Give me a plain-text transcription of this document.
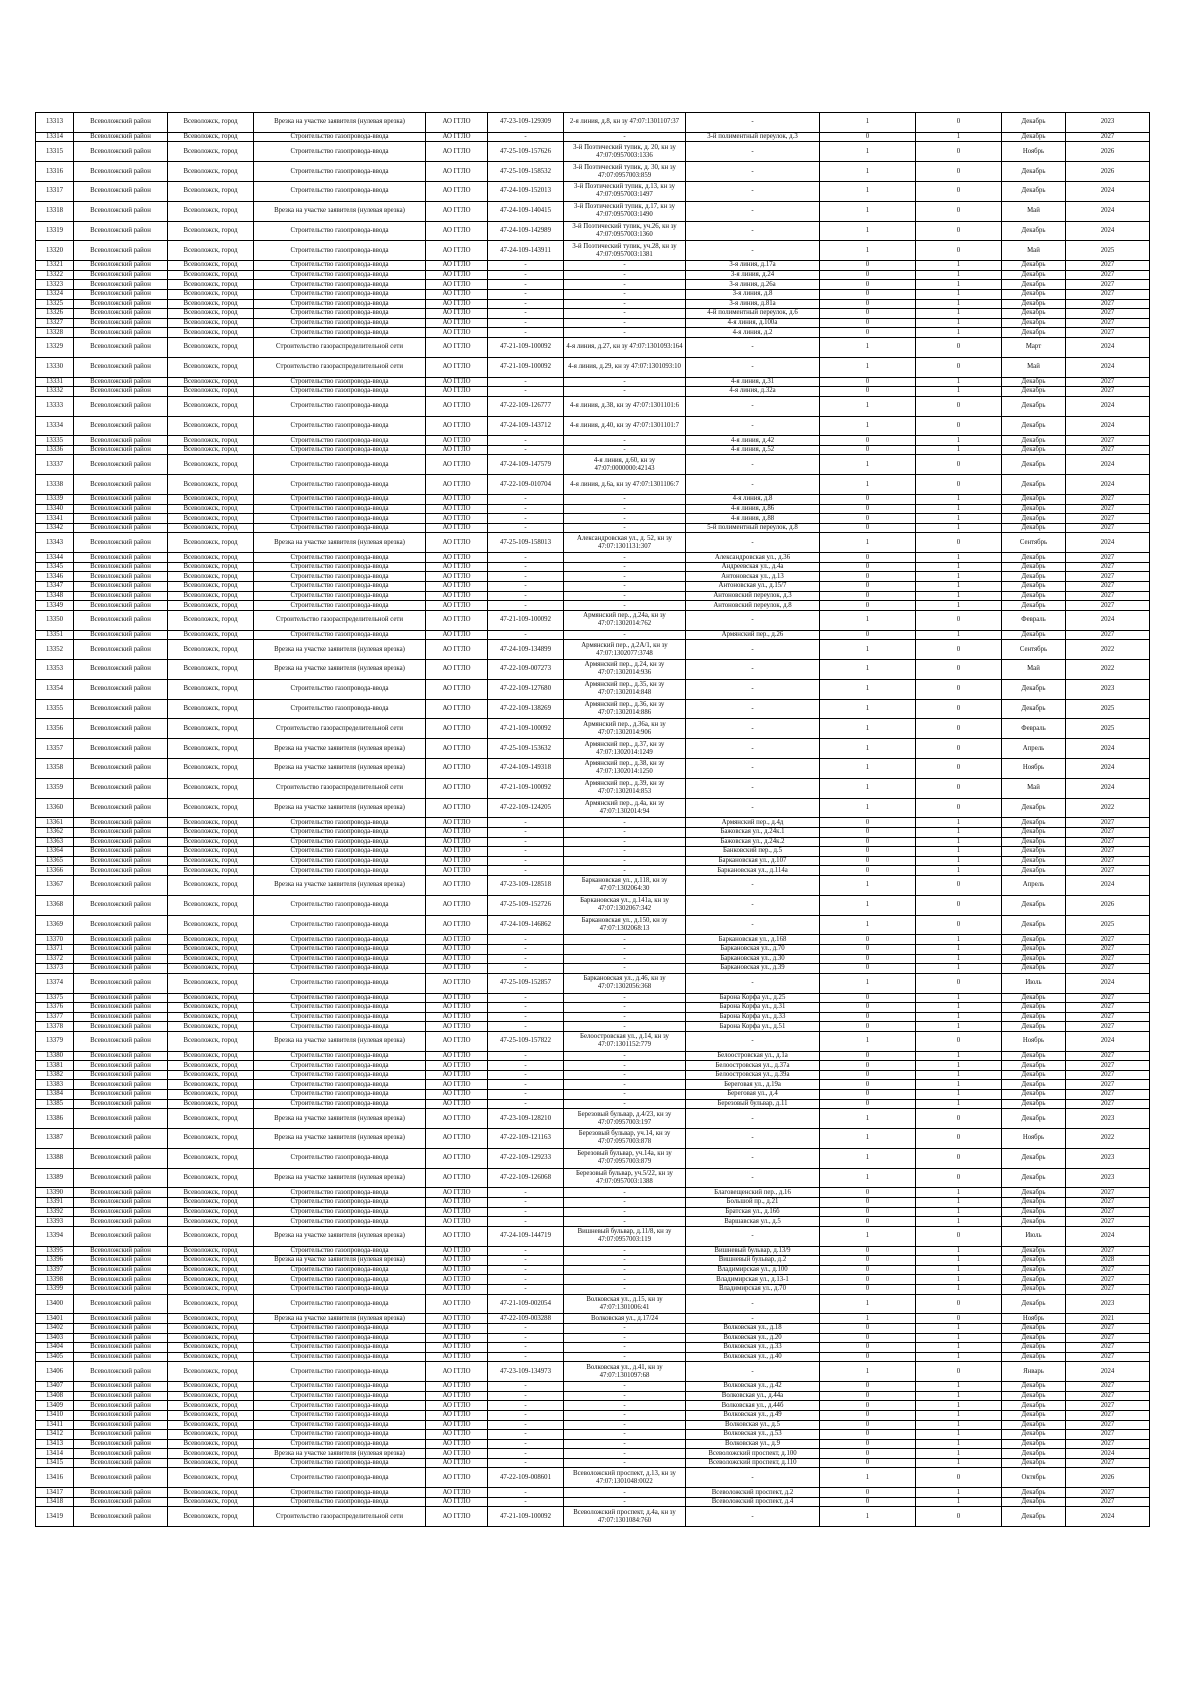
13313	Всеволожский район	Всеволожск, город	Врезка на участке заявителя (нулевая врезка)	АО ГГЛО	47-23-109-129309	2-я линия, д.8, кн зу 47:07:1301107:37	-	1	0	Декабрь	2023
13314	Всеволожский район	Всеволожск, город	Строительство газопровода-ввода	АО ГГЛО	-	-	3-й полиментный переулок, д.3	0	1	Декабрь	2027
13315	Всеволожский район	Всеволожск, город	Строительство газопровода-ввода	АО ГГЛО	47-25-109-157626	3-й Поэтический тупик, д. 20, кн зу 47:07:0957003:1336	-	1	0	Ноябрь	2026
13316	Всеволожский район	Всеволожск, город	Строительство газопровода-ввода	АО ГГЛО	47-25-109-158532	3-й Поэтический тупик, д. 30, кн зу 47:07:0957003:859	-	1	0	Декабрь	2026
13317	Всеволожский район	Всеволожск, город	Строительство газопровода-ввода	АО ГГЛО	47-24-109-152013	3-й Поэтический тупик, д.13, кн зу 47:07:0957003:1497	-	1	0	Декабрь	2024
13318	Всеволожский район	Всеволожск, город	Врезка на участке заявителя (нулевая врезка)	АО ГГЛО	47-24-109-140415	3-й Поэтический тупик, д.17, кн зу 47:07:0957003:1490	-	1	0	Май	2024
13319	Всеволожский район	Всеволожск, город	Строительство газопровода-ввода	АО ГГЛО	47-24-109-142989	3-й Поэтический тупик, уч.26, кн зу 47:07:0957003:1360	-	1	0	Декабрь	2024
13320	Всеволожский район	Всеволожск, город	Строительство газопровода-ввода	АО ГГЛО	47-24-109-143911	3-й Поэтический тупик, уч.28, кн зу 47:07:0957003:1381	-	1	0	Май	2025
13321	Всеволожский район	Всеволожск, город	Строительство газопровода-ввода	АО ГГЛО	-	-	3-я линия, д.17а	0	1	Декабрь	2027
13322	Всеволожский район	Всеволожск, город	Строительство газопровода-ввода	АО ГГЛО	-	-	3-я линия, д.24	0	1	Декабрь	2027
13323	Всеволожский район	Всеволожск, город	Строительство газопровода-ввода	АО ГГЛО	-	-	3-я линия, д.26а	0	1	Декабрь	2027
13324	Всеволожский район	Всеволожск, город	Строительство газопровода-ввода	АО ГГЛО	-	-	3-я линия, д.8	0	1	Декабрь	2027
13325	Всеволожский район	Всеволожск, город	Строительство газопровода-ввода	АО ГГЛО	-	-	3-я линия, д.81а	0	1	Декабрь	2027
13326	Всеволожский район	Всеволожск, город	Строительство газопровода-ввода	АО ГГЛО	-	-	4-й полиментный переулок, д.6	0	1	Декабрь	2027
13327	Всеволожский район	Всеволожск, город	Строительство газопровода-ввода	АО ГГЛО	-	-	4-я линия, д.100а	0	1	Декабрь	2027
13328	Всеволожский район	Всеволожск, город	Строительство газопровода-ввода	АО ГГЛО	-	-	4-я линия, д.2	0	1	Декабрь	2027
13329	Всеволожский район	Всеволожск, город	Строительство газораспределительной сети	АО ГГЛО	47-21-109-100092	4-я линия, д.27, кн зу 47:07:1301093:164	-	1	0	Март	2024
13330	Всеволожский район	Всеволожск, город	Строительство газораспределительной сети	АО ГГЛО	47-21-109-100092	4-я линия, д.29, кн зу 47:07:1301093:10	-	1	0	Май	2024
13331	Всеволожский район	Всеволожск, город	Строительство газопровода-ввода	АО ГГЛО	-	-	4-я линия, д.31	0	1	Декабрь	2027
13332	Всеволожский район	Всеволожск, город	Строительство газопровода-ввода	АО ГГЛО	-	-	4-я линия, д.32а	0	1	Декабрь	2027
13333	Всеволожский район	Всеволожск, город	Строительство газопровода-ввода	АО ГГЛО	47-22-109-126777	4-я линия, д.38, кн зу 47:07:1301101:6	-	1	0	Декабрь	2024
13334	Всеволожский район	Всеволожск, город	Строительство газопровода-ввода	АО ГГЛО	47-24-109-143712	4-я линия, д.40, кн зу 47:07:1301101:7	-	1	0	Декабрь	2024
13335	Всеволожский район	Всеволожск, город	Строительство газопровода-ввода	АО ГГЛО	-	-	4-я линия, д.42	0	1	Декабрь	2027
13336	Всеволожский район	Всеволожск, город	Строительство газопровода-ввода	АО ГГЛО	-	-	4-я линия, д.52	0	1	Декабрь	2027
13337	Всеволожский район	Всеволожск, город	Строительство газопровода-ввода	АО ГГЛО	47-24-109-147579	4-я линия, д.60, кн зу 47:07:0000000:42143	-	1	0	Декабрь	2024
13338	Всеволожский район	Всеволожск, город	Строительство газопровода-ввода	АО ГГЛО	47-22-109-010704	4-я линия, д.6а, кн зу 47:07:1301106:7	-	1	0	Декабрь	2024
13339	Всеволожский район	Всеволожск, город	Строительство газопровода-ввода	АО ГГЛО	-	-	4-я линия, д.8	0	1	Декабрь	2027
13340	Всеволожский район	Всеволожск, город	Строительство газопровода-ввода	АО ГГЛО	-	-	4-я линия, д.86	0	1	Декабрь	2027
13341	Всеволожский район	Всеволожск, город	Строительство газопровода-ввода	АО ГГЛО	-	-	4-я линия, д.88	0	1	Декабрь	2027
13342	Всеволожский район	Всеволожск, город	Строительство газопровода-ввода	АО ГГЛО	-	-	5-й полиментный переулок, д.8	0	1	Декабрь	2027
13343	Всеволожский район	Всеволожск, город	Врезка на участке заявителя (нулевая врезка)	АО ГГЛО	47-25-109-158013	Александровская ул., д. 52, кн зу 47:07:1301131:307	-	1	0	Сентябрь	2024
13344	Всеволожский район	Всеволожск, город	Строительство газопровода-ввода	АО ГГЛО	-	-	Александровская ул., д.36	0	1	Декабрь	2027
13345	Всеволожский район	Всеволожск, город	Строительство газопровода-ввода	АО ГГЛО	-	-	Андреевская ул., д.4а	0	1	Декабрь	2027
13346	Всеволожский район	Всеволожск, город	Строительство газопровода-ввода	АО ГГЛО	-	-	Антоновская ул., д.13	0	1	Декабрь	2027
13347	Всеволожский район	Всеволожск, город	Строительство газопровода-ввода	АО ГГЛО	-	-	Антоновская ул., д.15/7	0	1	Декабрь	2027
13348	Всеволожский район	Всеволожск, город	Строительство газопровода-ввода	АО ГГЛО	-	-	Антоновский переулок, д.3	0	1	Декабрь	2027
13349	Всеволожский район	Всеволожск, город	Строительство газопровода-ввода	АО ГГЛО	-	-	Антоновский переулок, д.8	0	1	Декабрь	2027
13350	Всеволожский район	Всеволожск, город	Строительство газораспределительной сети	АО ГГЛО	47-21-109-100092	Армянский пер., д.24а, кн зу 47:07:1302014:762	-	1	0	Февраль	2024
13351	Всеволожский район	Всеволожск, город	Строительство газопровода-ввода	АО ГГЛО	-	-	Армянский пер., д.26	0	1	Декабрь	2027
13352	Всеволожский район	Всеволожск, город	Врезка на участке заявителя (нулевая врезка)	АО ГГЛО	47-24-109-134899	Армянский пер., д.2А/1, кн зу 47:07:1302077:3748	-	1	0	Сентябрь	2022
13353	Всеволожский район	Всеволожск, город	Врезка на участке заявителя (нулевая врезка)	АО ГГЛО	47-22-109-007273	Армянский пер., д.24, кн зу 47:07:1302014:936	-	1	0	Май	2022
13354	Всеволожский район	Всеволожск, город	Строительство газопровода-ввода	АО ГГЛО	47-22-109-127680	Армянский пер., д.35, кн зу 47:07:1302014:848	-	1	0	Декабрь	2023
13355	Всеволожский район	Всеволожск, город	Строительство газопровода-ввода	АО ГГЛО	47-22-109-138269	Армянский пер., д.36, кн зу 47:07:1302014:886	-	1	0	Декабрь	2025
13356	Всеволожский район	Всеволожск, город	Строительство газораспределительной сети	АО ГГЛО	47-21-109-100092	Армянский пер., д.36а, кн зу 47:07:1302014:906	-	1	0	Февраль	2025
13357	Всеволожский район	Всеволожск, город	Врезка на участке заявителя (нулевая врезка)	АО ГГЛО	47-25-109-153632	Армянский пер., д.37, кн зу 47:07:1302014:1249	-	1	0	Апрель	2024
13358	Всеволожский район	Всеволожск, город	Врезка на участке заявителя (нулевая врезка)	АО ГГЛО	47-24-109-149318	Армянский пер., д.38, кн зу 47:07:1302014:1250	-	1	0	Ноябрь	2024
13359	Всеволожский район	Всеволожск, город	Строительство газораспределительной сети	АО ГГЛО	47-21-109-100092	Армянский пер., д.39, кн зу 47:07:1302014:853	-	1	0	Май	2024
13360	Всеволожский район	Всеволожск, город	Врезка на участке заявителя (нулевая врезка)	АО ГГЛО	47-22-109-124205	Армянский пер., д.4а, кн зу 47:07:1302014:94	-	1	0	Декабрь	2022
13361	Всеволожский район	Всеволожск, город	Строительство газопровода-ввода	АО ГГЛО	-	-	Армянский пер., д.4д	0	1	Декабрь	2027
13362	Всеволожский район	Всеволожск, город	Строительство газопровода-ввода	АО ГГЛО	-	-	Бажовская ул., д.24к.1	0	1	Декабрь	2027
13363	Всеволожский район	Всеволожск, город	Строительство газопровода-ввода	АО ГГЛО	-	-	Бажовская ул., д.24к.2	0	1	Декабрь	2027
13364	Всеволожский район	Всеволожск, город	Строительство газопровода-ввода	АО ГГЛО	-	-	Банковский пер., д.5	0	1	Декабрь	2027
13365	Всеволожский район	Всеволожск, город	Строительство газопровода-ввода	АО ГГЛО	-	-	Баркановская ул., д.107	0	1	Декабрь	2027
13366	Всеволожский район	Всеволожск, город	Строительство газопровода-ввода	АО ГГЛО	-	-	Баркановская ул., д.114а	0	1	Декабрь	2027
13367	Всеволожский район	Всеволожск, город	Врезка на участке заявителя (нулевая врезка)	АО ГГЛО	47-23-109-128518	Баркановская ул., д.118, кн зу 47:07:1302064:30	-	1	0	Апрель	2024
13368	Всеволожский район	Всеволожск, город	Строительство газопровода-ввода	АО ГГЛО	47-25-109-152726	Баркановская ул., д.141а, кн зу 47:07:1302067:342	-	1	0	Декабрь	2026
13369	Всеволожский район	Всеволожск, город	Строительство газопровода-ввода	АО ГГЛО	47-24-109-146862	Баркановская ул., д.150, кн зу 47:07:1302068:13	-	1	0	Декабрь	2025
13370	Всеволожский район	Всеволожск, город	Строительство газопровода-ввода	АО ГГЛО	-	-	Баркановская ул., д.168	0	1	Декабрь	2027
13371	Всеволожский район	Всеволожск, город	Строительство газопровода-ввода	АО ГГЛО	-	-	Баркановская ул., д.70	0	1	Декабрь	2027
13372	Всеволожский район	Всеволожск, город	Строительство газопровода-ввода	АО ГГЛО	-	-	Баркановская ул., д.30	0	1	Декабрь	2027
13373	Всеволожский район	Всеволожск, город	Строительство газопровода-ввода	АО ГГЛО	-	-	Баркановская ул., д.39	0	1	Декабрь	2027
13374	Всеволожский район	Всеволожск, город	Строительство газопровода-ввода	АО ГГЛО	47-25-109-152857	Баркановская ул., д.46, кн зу 47:07:1302056:368	-	1	0	Июль	2024
13375	Всеволожский район	Всеволожск, город	Строительство газопровода-ввода	АО ГГЛО	-	-	Барона Корфа ул., д.25	0	1	Декабрь	2027
13376	Всеволожский район	Всеволожск, город	Строительство газопровода-ввода	АО ГГЛО	-	-	Барона Корфа ул., д.31	0	1	Декабрь	2027
13377	Всеволожский район	Всеволожск, город	Строительство газопровода-ввода	АО ГГЛО	-	-	Барона Корфа ул., д.33	0	1	Декабрь	2027
13378	Всеволожский район	Всеволожск, город	Строительство газопровода-ввода	АО ГГЛО	-	-	Барона Корфа ул., д.51	0	1	Декабрь	2027
13379	Всеволожский район	Всеволожск, город	Врезка на участке заявителя (нулевая врезка)	АО ГГЛО	47-25-109-157822	Белоостровская ул., д.14, кн зу 47:07:1301152:779	-	1	0	Ноябрь	2024
13380	Всеволожский район	Всеволожск, город	Строительство газопровода-ввода	АО ГГЛО	-	-	Белоостровская ул., д.1а	0	1	Декабрь	2027
13381	Всеволожский район	Всеволожск, город	Строительство газопровода-ввода	АО ГГЛО	-	-	Белоостровская ул., д.37а	0	1	Декабрь	2027
13382	Всеволожский район	Всеволожск, город	Строительство газопровода-ввода	АО ГГЛО	-	-	Белоостровская ул., д.39а	0	1	Декабрь	2027
13383	Всеволожский район	Всеволожск, город	Строительство газопровода-ввода	АО ГГЛО	-	-	Береговая ул., д.19а	0	1	Декабрь	2027
13384	Всеволожский район	Всеволожск, город	Строительство газопровода-ввода	АО ГГЛО	-	-	Береговая ул., д.4	0	1	Декабрь	2027
13385	Всеволожский район	Всеволожск, город	Строительство газопровода-ввода	АО ГГЛО	-	-	Березовый бульвар, д.11	0	1	Декабрь	2027
13386	Всеволожский район	Всеволожск, город	Врезка на участке заявителя (нулевая врезка)	АО ГГЛО	47-23-109-128210	Березовый бульвар, д.4/23, кн зу 47:07:0957003:197	-	1	0	Декабрь	2023
13387	Всеволожский район	Всеволожск, город	Врезка на участке заявителя (нулевая врезка)	АО ГГЛО	47-22-109-121163	Березовый бульвар, уч.14, кн зу 47:07:0957003:878	-	1	0	Ноябрь	2022
13388	Всеволожский район	Всеволожск, город	Строительство газопровода-ввода	АО ГГЛО	47-22-109-129233	Березовый бульвар, уч.14а, кн зу 47:07:0957003:879	-	1	0	Декабрь	2023
13389	Всеволожский район	Всеволожск, город	Врезка на участке заявителя (нулевая врезка)	АО ГГЛО	47-22-109-126068	Березовый бульвар, уч.5/22, кн зу 47:07:0957003:1388	-	1	0	Декабрь	2023
13390	Всеволожский район	Всеволожск, город	Строительство газопровода-ввода	АО ГГЛО	-	-	Благовещенский пер., д.16	0	1	Декабрь	2027
13391	Всеволожский район	Всеволожск, город	Строительство газопровода-ввода	АО ГГЛО	-	-	Большой пр., д.21	0	1	Декабрь	2027
13392	Всеволожский район	Всеволожск, город	Строительство газопровода-ввода	АО ГГЛО	-	-	Братская ул., д.16б	0	1	Декабрь	2027
13393	Всеволожский район	Всеволожск, город	Строительство газопровода-ввода	АО ГГЛО	-	-	Варшавская ул., д.5	0	1	Декабрь	2027
13394	Всеволожский район	Всеволожск, город	Врезка на участке заявителя (нулевая врезка)	АО ГГЛО	47-24-109-144719	Вишневый бульвар, д.11/8, кн зу 47:07:0957003:119	-	1	0	Июль	2024
13395	Всеволожский район	Всеволожск, город	Строительство газопровода-ввода	АО ГГЛО	-	-	Вишневый бульвар, д.13/9	0	1	Декабрь	2027
13396	Всеволожский район	Всеволожск, город	Врезка на участке заявителя (нулевая врезка)	АО ГГЛО	-	-	Вишневый бульвар, д.2	0	1	Декабрь	2028
13397	Всеволожский район	Всеволожск, город	Строительство газопровода-ввода	АО ГГЛО	-	-	Владимирская ул., д.100	0	1	Декабрь	2027
13398	Всеволожский район	Всеволожск, город	Строительство газопровода-ввода	АО ГГЛО	-	-	Владимирская ул., д.13-1	0	1	Декабрь	2027
13399	Всеволожский район	Всеволожск, город	Строительство газопровода-ввода	АО ГГЛО	-	-	Владимирская ул., д.70	0	1	Декабрь	2027
13400	Всеволожский район	Всеволожск, город	Строительство газопровода-ввода	АО ГГЛО	47-21-109-002054	Волковская ул., д.15, кн зу 47:07:1301006:41	-	1	0	Декабрь	2023
13401	Всеволожский район	Всеволожск, город	Врезка на участке заявителя (нулевая врезка)	АО ГГЛО	47-22-109-003288	Волковская ул., д.17/24	-	1	0	Ноябрь	2021
13402	Всеволожский район	Всеволожск, город	Строительство газопровода-ввода	АО ГГЛО	-	-	Волковская ул., д.18	0	1	Декабрь	2027
13403	Всеволожский район	Всеволожск, город	Строительство газопровода-ввода	АО ГГЛО	-	-	Волковская ул., д.20	0	1	Декабрь	2027
13404	Всеволожский район	Всеволожск, город	Строительство газопровода-ввода	АО ГГЛО	-	-	Волковская ул., д.33	0	1	Декабрь	2027
13405	Всеволожский район	Всеволожск, город	Строительство газопровода-ввода	АО ГГЛО	-	-	Волковская ул., д.40	0	1	Декабрь	2027
13406	Всеволожский район	Всеволожск, город	Строительство газопровода-ввода	АО ГГЛО	47-23-109-134973	Волковская ул., д.41, кн зу 47:07:1301097:68	-	1	0	Январь	2024
13407	Всеволожский район	Всеволожск, город	Строительство газопровода-ввода	АО ГГЛО	-	-	Волковская ул., д.42	0	1	Декабрь	2027
13408	Всеволожский район	Всеволожск, город	Строительство газопровода-ввода	АО ГГЛО	-	-	Волковская ул., д.44а	0	1	Декабрь	2027
13409	Всеволожский район	Всеволожск, город	Строительство газопровода-ввода	АО ГГЛО	-	-	Волковская ул., д.44б	0	1	Декабрь	2027
13410	Всеволожский район	Всеволожск, город	Строительство газопровода-ввода	АО ГГЛО	-	-	Волковская ул., д.49	0	1	Декабрь	2027
13411	Всеволожский район	Всеволожск, город	Строительство газопровода-ввода	АО ГГЛО	-	-	Волковская ул., д.5	0	1	Декабрь	2027
13412	Всеволожский район	Всеволожск, город	Строительство газопровода-ввода	АО ГГЛО	-	-	Волковская ул., д.53	0	1	Декабрь	2027
13413	Всеволожский район	Всеволожск, город	Строительство газопровода-ввода	АО ГГЛО	-	-	Волковская ул., д.9	0	1	Декабрь	2027
13414	Всеволожский район	Всеволожск, город	Врезка на участке заявителя (нулевая врезка)	АО ГГЛО	-	-	Всеволожский проспект, д.100	0	1	Декабрь	2024
13415	Всеволожский район	Всеволожск, город	Строительство газопровода-ввода	АО ГГЛО	-	-	Всеволожский проспект, д.110	0	1	Декабрь	2027
13416	Всеволожский район	Всеволожск, город	Строительство газопровода-ввода	АО ГГЛО	47-22-109-008601	Всеволожский проспект, д.13, кн зу 47:07:1301048:0022	-	1	0	Октябрь	2026
13417	Всеволожский район	Всеволожск, город	Строительство газопровода-ввода	АО ГГЛО	-	-	Всеволожский проспект, д.2	0	1	Декабрь	2027
13418	Всеволожский район	Всеволожск, город	Строительство газопровода-ввода	АО ГГЛО	-	-	Всеволожский проспект, д.4	0	1	Декабрь	2027
13419	Всеволожский район	Всеволожск, город	Строительство газораспределительной сети	АО ГГЛО	47-21-109-100092	Всеволожский проспект, д.4а, кн зу 47:07:1301084:760	-	1	0	Декабрь	2024
